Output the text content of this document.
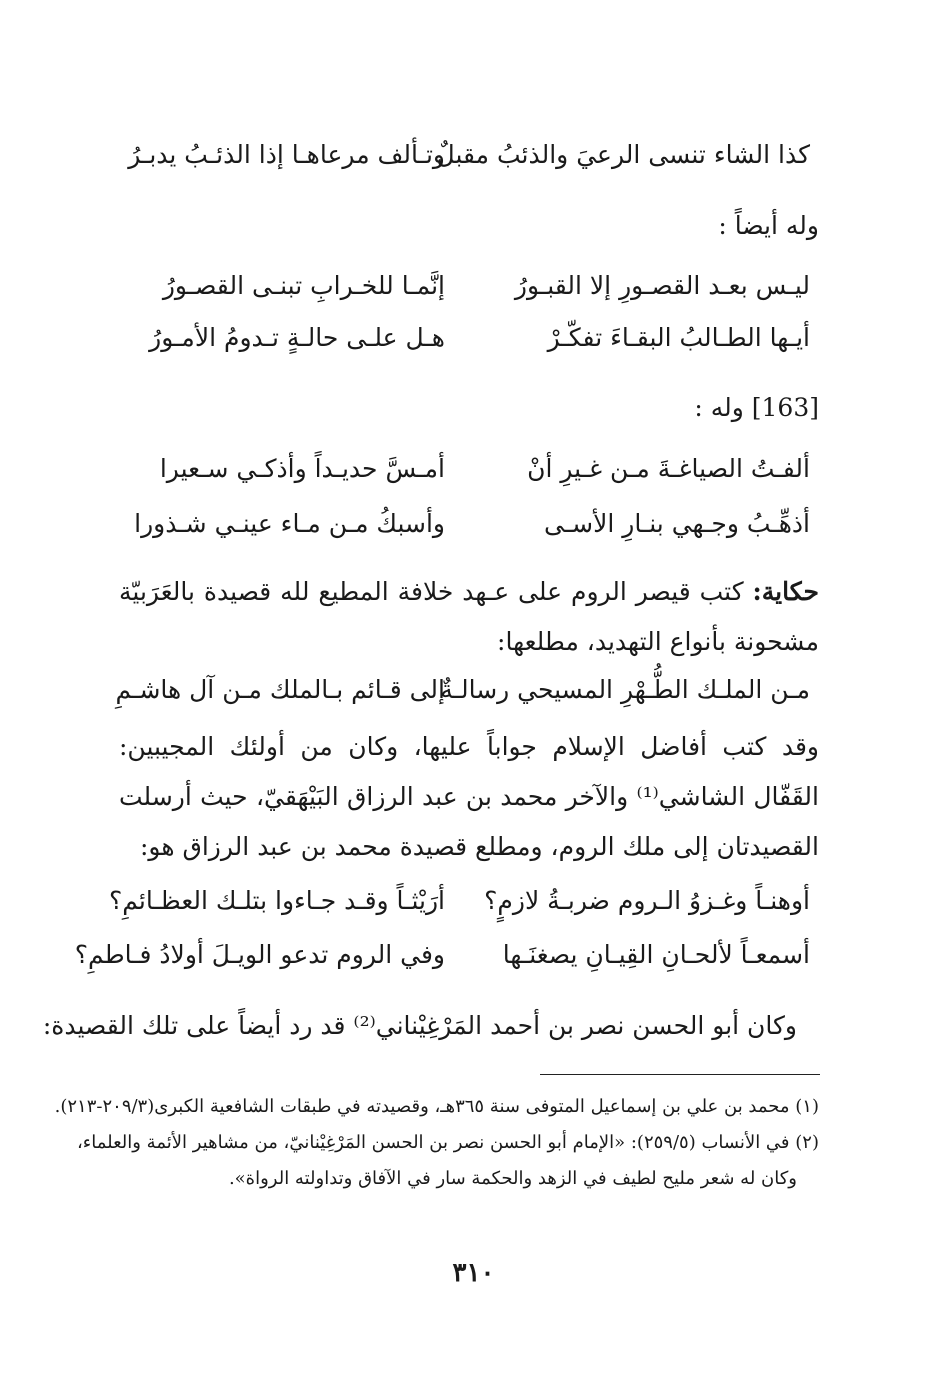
كذا الشاء تنسى الرعيَ والذئبُ مقبلٌ
وتـألف مرعاهـا إذا الذئـبُ يدبـرُ
وله أيضاً :
ليـس بعـد القصـورِ إلا القبـورُ
إنَّمـا للخـرابِ تبنـى القصـورُ
أيـها الطـالبُ البقـاءَ تفكّـرْ
هـل علـى حالـةٍ تـدومُ الأمـورُ
[163] وله :
ألفـتُ الصياغـةَ مـن غـيرِ أنْ
أمـسَّ حديـداً وأذكـي سـعيرا
أذهِّـبُ وجـهي بنـارِ الأسـى
وأسبكُ مـن مـاء عينـي شـذورا
حكاية: كتب قيصر الروم على عـهد خلافة المطيع لله قصيدة بالعَرَبيّة مشحونة بأنواع التهديد، مطلعها:
مـن الملـك الطُّـهْرِ المسيحي رسالـةٌ
إلى قـائم بـالملك مـن آل هاشـمِ
وقد كتب أفاضل الإسلام جواباً عليها، وكان من أولئك المجيبين: القَفّال الشاشي⁽¹⁾ والآخر محمد بن عبد الرزاق البَيْهَقيّ، حيث أرسلت القصيدتان إلى ملك الروم، ومطلع قصيدة محمد بن عبد الرزاق هو:
أوهنـاً وغـزوُ الـروم ضربـةُ لازمٍ؟
أرَيْثـاً وقـد جـاءوا بتلـك العظـائمِ؟
أسمعـاً لألحـانِ القِيـانِ يصغنَـها
وفي الروم تدعو الويـلَ أولادُ فـاطمِ؟
وكان أبو الحسن نصر بن أحمد المَرْغِيْناني⁽²⁾ قد رد أيضاً على تلك القصيدة:
(١) محمد بن علي بن إسماعيل المتوفى سنة ٣٦٥هـ، وقصيدته في طبقات الشافعية الكبرى(٢٠٩/٣-٢١٣).
(٢) في الأنساب (٢٥٩/٥): «الإمام أبو الحسن نصر بن الحسن المَرْغِيْنانيّ، من مشاهير الأئمة والعلماء،
وكان له شعر مليح لطيف في الزهد والحكمة سار في الآفاق وتداولته الرواة».
٣١٠
